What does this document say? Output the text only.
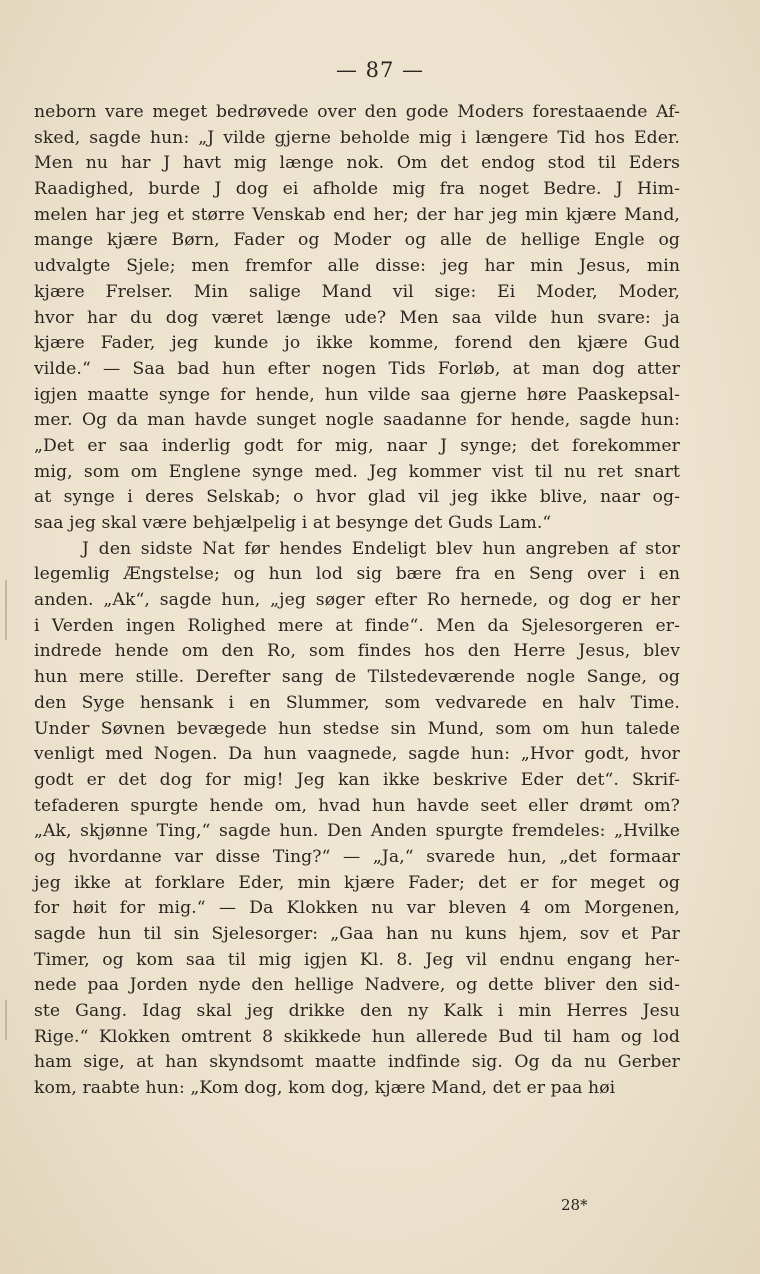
— 87 —
neborn vare meget bedrøvede over den gode Moders forestaaende Af-
sked, sagde hun: „J vilde gjerne beholde mig i længere Tid hos Eder.
Men nu har J havt mig længe nok. Om det endog stod til Eders
Raadighed, burde J dog ei afholde mig fra noget Bedre. J Him-
melen har jeg et større Venskab end her; der har jeg min kjære Mand,
mange kjære Børn, Fader og Moder og alle de hellige Engle og
udvalgte Sjele; men fremfor alle disse: jeg har min Jesus, min
kjære Frelser. Min salige Mand vil sige: Ei Moder, Moder,
hvor har du dog været længe ude? Men saa vilde hun svare: ja
kjære Fader, jeg kunde jo ikke komme, forend den kjære Gud
vilde.“ — Saa bad hun efter nogen Tids Forløb, at man dog atter
igjen maatte synge for hende, hun vilde saa gjerne høre Paaskepsal-
mer. Og da man havde sunget nogle saadanne for hende, sagde hun:
„Det er saa inderlig godt for mig, naar J synge; det forekommer
mig, som om Englene synge med. Jeg kommer vist til nu ret snart
at synge i deres Selskab; o hvor glad vil jeg ikke blive, naar og-
saa jeg skal være behjælpelig i at besynge det Guds Lam.“
J den sidste Nat før hendes Endeligt blev hun angreben af stor
legemlig Ængstelse; og hun lod sig bære fra en Seng over i en
anden. „Ak“, sagde hun, „jeg søger efter Ro hernede, og dog er her
i Verden ingen Rolighed mere at finde“. Men da Sjelesorgeren er-
indrede hende om den Ro, som findes hos den Herre Jesus, blev
hun mere stille. Derefter sang de Tilstedeværende nogle Sange, og
den Syge hensank i en Slummer, som vedvarede en halv Time.
Under Søvnen bevægede hun stedse sin Mund, som om hun talede
venligt med Nogen. Da hun vaagnede, sagde hun: „Hvor godt, hvor
godt er det dog for mig! Jeg kan ikke beskrive Eder det“. Skrif-
tefaderen spurgte hende om, hvad hun havde seet eller drømt om?
„Ak, skjønne Ting,“ sagde hun. Den Anden spurgte fremdeles: „Hvilke
og hvordanne var disse Ting?“ — „Ja,“ svarede hun, „det formaar
jeg ikke at forklare Eder, min kjære Fader; det er for meget og
for høit for mig.“ — Da Klokken nu var bleven 4 om Morgenen,
sagde hun til sin Sjelesorger: „Gaa han nu kuns hjem, sov et Par
Timer, og kom saa til mig igjen Kl. 8. Jeg vil endnu engang her-
nede paa Jorden nyde den hellige Nadvere, og dette bliver den sid-
ste Gang. Idag skal jeg drikke den ny Kalk i min Herres Jesu
Rige.“ Klokken omtrent 8 skikkede hun allerede Bud til ham og lod
ham sige, at han skyndsomt maatte indfinde sig. Og da nu Gerber
kom, raabte hun: „Kom dog, kom dog, kjære Mand, det er paa høi
28*
